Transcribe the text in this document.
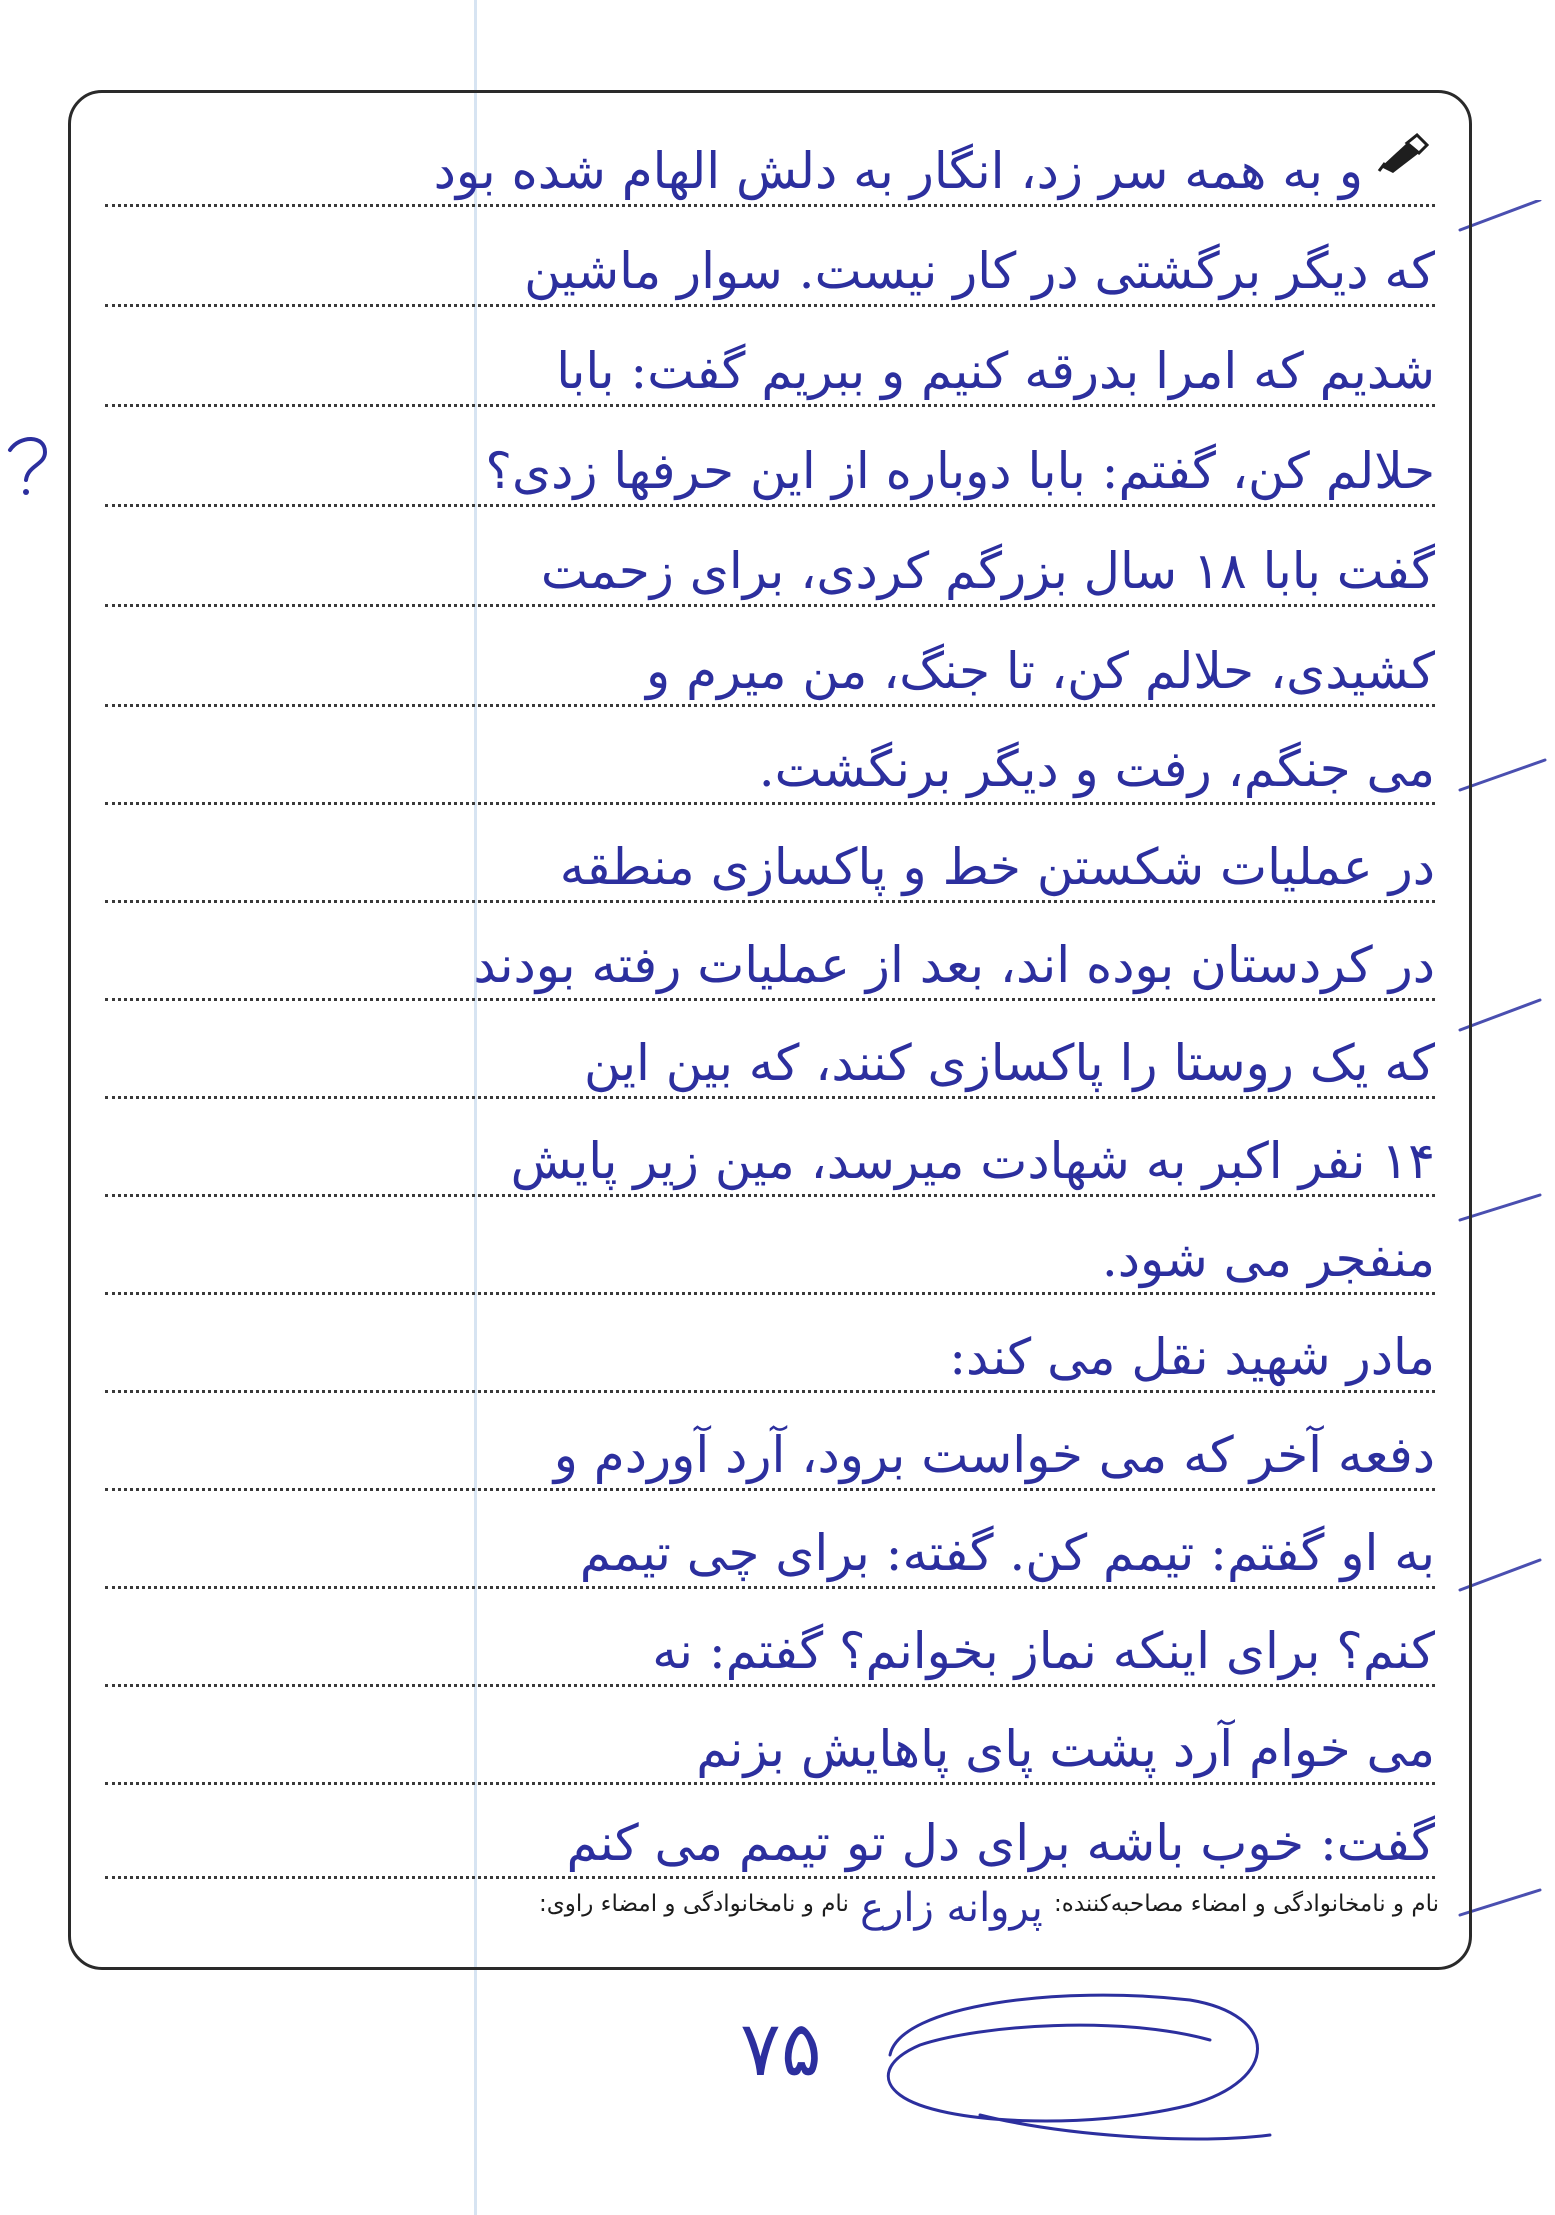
و به همه سر زد، انگار به دلش الهام شده بود
که دیگر برگشتی در کار نیست. سوار ماشین
شدیم که امرا بدرقه کنیم و ببریم گفت: بابا
حلالم کن، گفتم: بابا دوباره از این حرفها زدی؟
گفت بابا ۱۸ سال بزرگم کردی، برای زحمت
کشیدی، حلالم کن، تا جنگ، من میرم و
می جنگم، رفت و دیگر برنگشت.
در عملیات شکستن خط و پاکسازی منطقه
در کردستان بوده اند، بعد از عملیات رفته بودند
که یک روستا را پاکسازی کنند، که بین این
۱۴ نفر اکبر به شهادت میرسد، مین زیر پایش
منفجر می شود.
مادر شهید نقل می کند:
دفعه آخر که می خواست برود، آرد آوردم و
به او گفتم: تیمم کن. گفته: برای چی تیمم
کنم؟ برای اینکه نماز بخوانم؟ گفتم: نه
می خوام آرد پشت پای پاهایش بزنم
گفت: خوب باشه برای دل تو تیمم می کنم
نام و نامخانوادگی و امضاء مصاحبه‌کننده: پروانه زارع نام و نامخانوادگی و امضاء راوی:
۷۵
